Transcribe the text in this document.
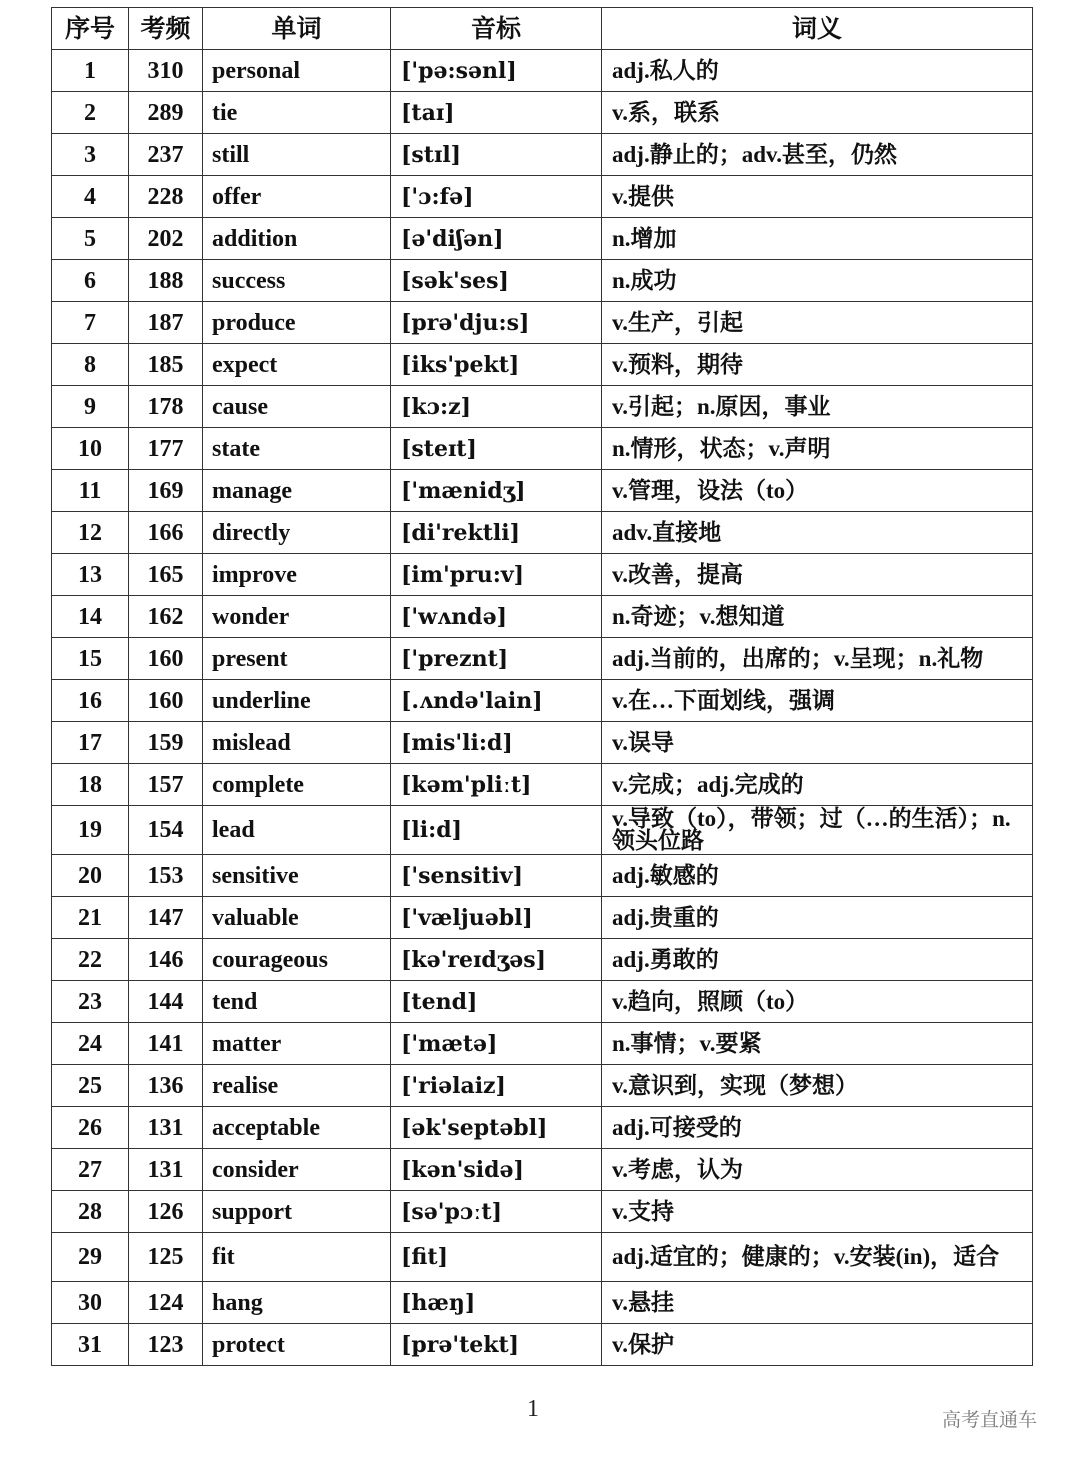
序号	考频	单词	音标	词义
1	310	personal	['pə:sənl]	adj.私人的
2	289	tie	[taɪ]	v.系，联系
3	237	still	[stɪl]	adj.静止的；adv.甚至，仍然
4	228	offer	['ɔ:fə]	v.提供
5	202	addition	[ə'diʃən]	n.增加
6	188	success	[sək'ses]	n.成功
7	187	produce	[prə'dju:s]	v.生产，引起
8	185	expect	[iks'pekt]	v.预料，期待
9	178	cause	[kɔ:z]	v.引起；n.原因，事业
10	177	state	[steɪt]	n.情形，状态；v.声明
11	169	manage	['mænidʒ]	v.管理，设法（to）
12	166	directly	[di'rektli]	adv.直接地
13	165	improve	[im'pru:v]	v.改善，提高
14	162	wonder	['wʌndə]	n.奇迹；v.想知道
15	160	present	['preznt]	adj.当前的，出席的；v.呈现；n.礼物
16	160	underline	[.ʌndə'lain]	v.在…下面划线，强调
17	159	mislead	[mis'li:d]	v.误导
18	157	complete	[kəm'pliːt]	v.完成；adj.完成的
19	154	lead	[li:d]	v.导致（to），带领；过（…的生活）；n.领头位路
20	153	sensitive	['sensitiv]	adj.敏感的
21	147	valuable	['væljuəbl]	adj.贵重的
22	146	courageous	[kə'reɪdʒəs]	adj.勇敢的
23	144	tend	[tend]	v.趋向，照顾（to）
24	141	matter	['mætə]	n.事情；v.要紧
25	136	realise	['riəlaiz]	v.意识到，实现（梦想）
26	131	acceptable	[ək'septəbl]	adj.可接受的
27	131	consider	[kən'sidə]	v.考虑，认为
28	126	support	[sə'pɔːt]	v.支持
29	125	fit	[fit]	adj.适宜的；健康的；v.安装(in)，适合
30	124	hang	[hæŋ]	v.悬挂
31	123	protect	[prə'tekt]	v.保护
1	高考直通车
